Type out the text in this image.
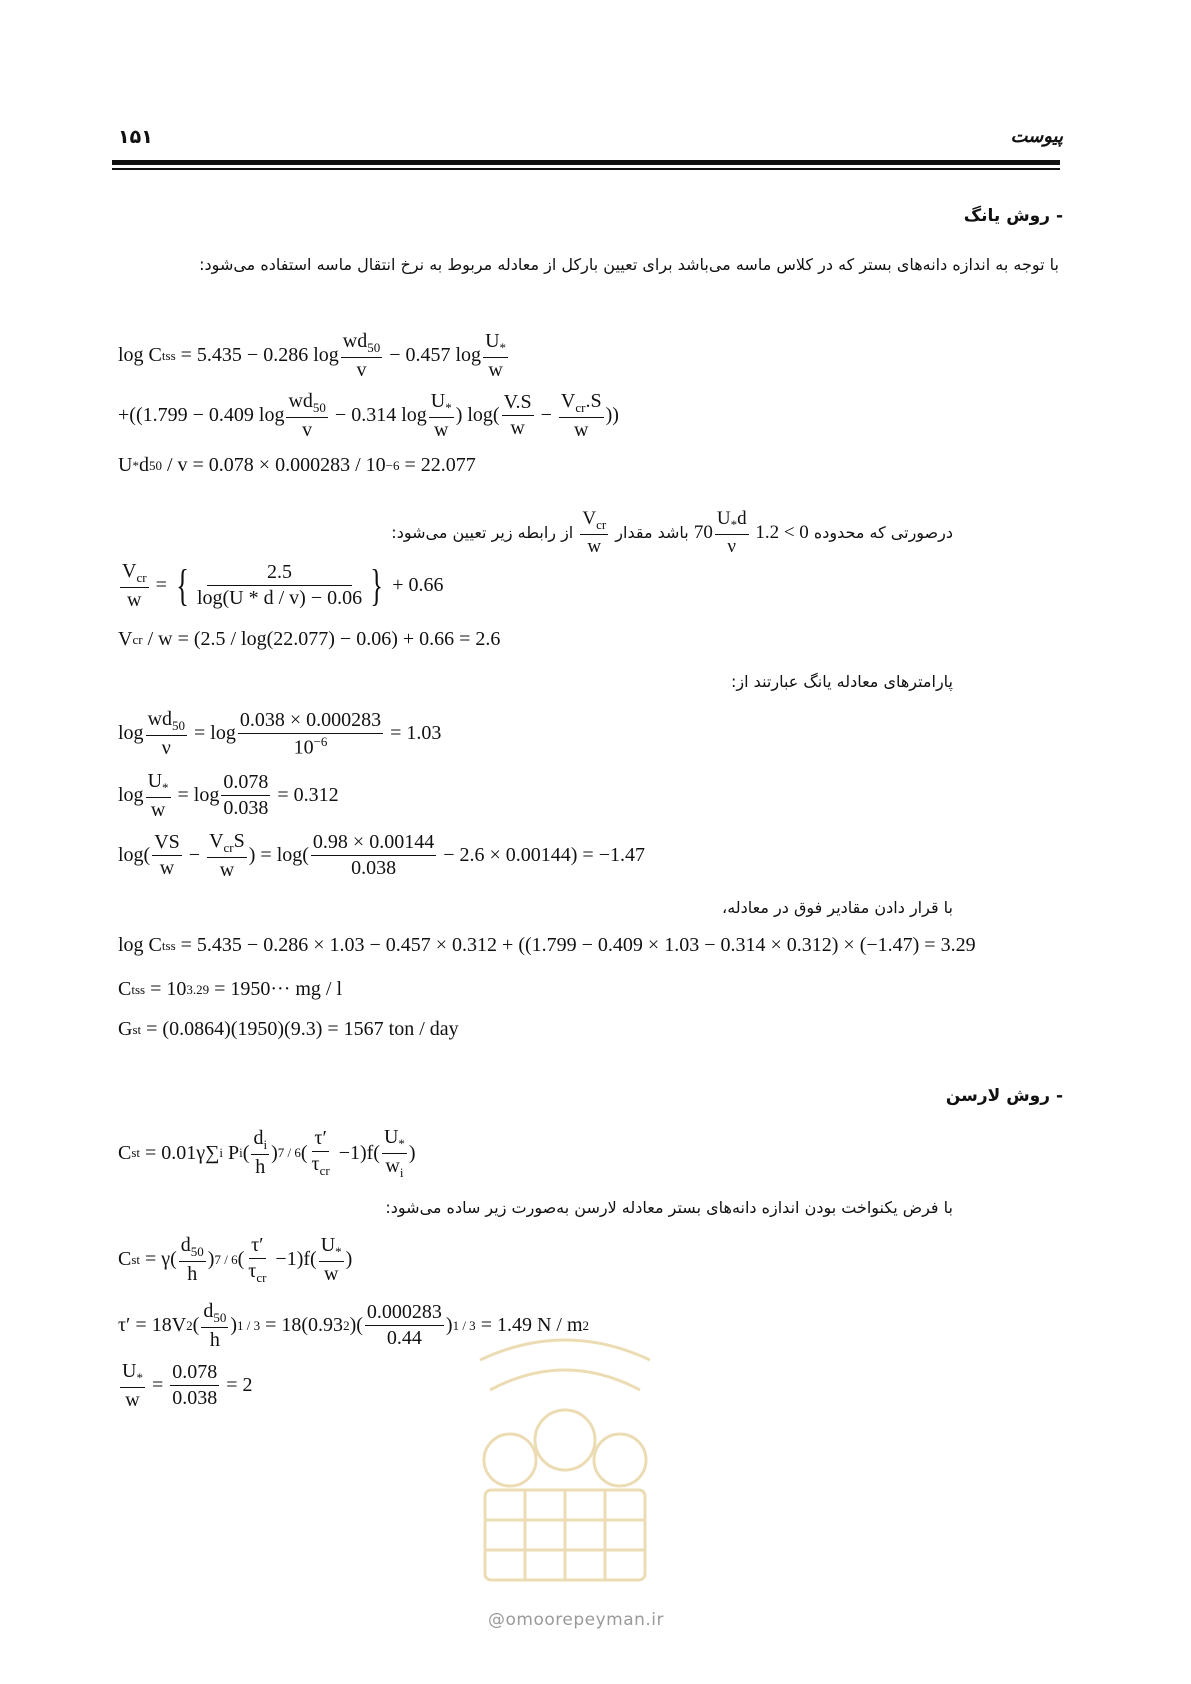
۱۵۱	پیوست
- روش یانگ
با توجه به اندازه دانه‌های بستر که در کلاس ماسه می‌باشد برای تعیین بارکل از معادله مربوط به نرخ انتقال ماسه استفاده می‌شود:
log C tss = 5.435 − 0.286 log
$wd_{50}$
v
− 0.457 log
$U_*$
w
+(( 1.799 − 0.409 log
$wd_{50}$
v
− 0.314 log
$U_*$
w
) log(
V.S
w
−
$V_{cr}.S$
w
))
U * d 50 / v = 0.078 × 0.000283 / 10 −6
= 22.077
درصورتی که محدوده

70
$U_*d$
ν

1.2 < 0

باشد مقدار

$V_{cr}$
w

از رابطه زیر تعیین می‌شود:
$V_{cr}$
w
= {	2.5
log(U * d / v) − 0.06 }
+ 0.66
V cr
/ w = (2.5 / log(22.077) − 0.06) + 0.66 = 2.6
پارامترهای معادله یانگ عبارتند از:
log
$wd_{50}$
ν
= $\log \frac{0.038 \times 0.000283}{10^{-6}}$
= 1.03
log
$U_*$
w
= $\log \frac{0.078}{0.038}$
= 0.312
log(
VS
w
−
$V_{cr}S$
w
) = log(
0.98 × 0.00144
0.038

− 2.6 × 0.00144) = −1.47
با قرار دادن مقادیر فوق در معادله،
log C tss
= 5.435 − 0.286 × 1.03 − 0.457 × 0.312 + ((1.799 − 0.409 × 1.03 − 0.314 × 0.312) × (−1.47) = 3.29
C tss
= 10 3.29
= 1950··· mg / l
G st
= (0.0864)(1950)(9.3) = 1567 ton / day
- روش لارسن
C st
= 0.01γ ∑ i P i (
$d_i$
h
) 7 / 6 (
τ′
$\tau_{cr}$
−1)f(
$U_*$
$w_i$
)
با فرض یکنواخت بودن اندازه دانه‌های بستر معادله لارسن به‌صورت زیر ساده می‌شود:
C st = γ(
$d_{50}$
h
) 7 / 6 (
τ′
$\tau_{cr}$
−1)f(
$U_*$
w
)
τ′ = 18V 2 (
$d_{50}$
h
) 1 / 3
= 18(0.93 2 )(
0.000283
0.44
) 1 / 3
= 1.49 N / m 2
$U_*$
w
= $\frac{0.078}{0.038}$
= 2
@omoorepeyman.ir
